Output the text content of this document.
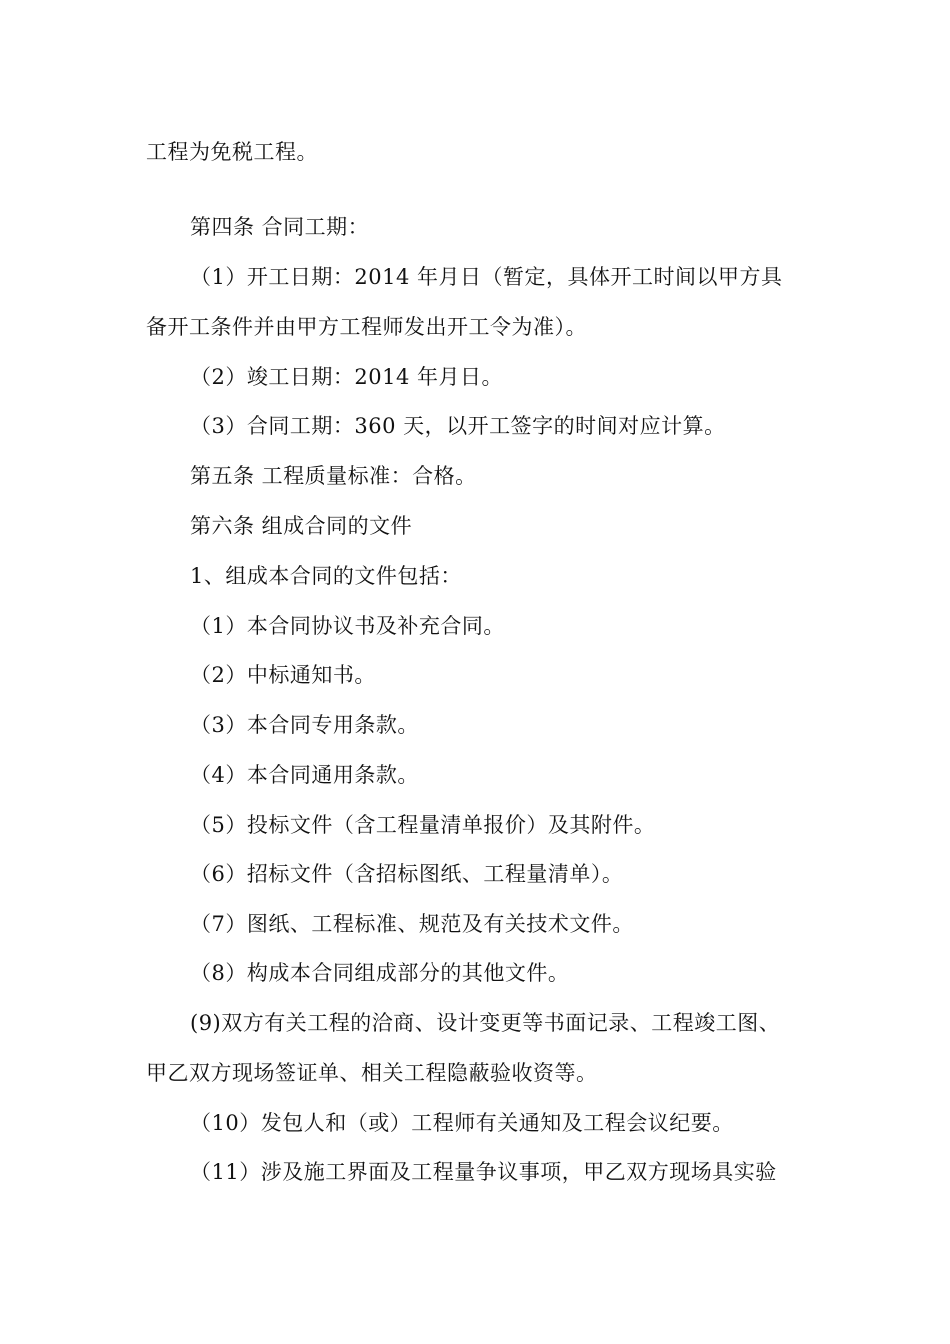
工程为免税工程。
第四条 合同工期：
（1）开工日期：2014 年月日（暂定，具体开工时间以甲方具
备开工条件并由甲方工程师发出开工令为准）。
（2）竣工日期：2014 年月日。
（3）合同工期：360 天，以开工签字的时间对应计算。
第五条 工程质量标准：合格。
第六条 组成合同的文件
1、组成本合同的文件包括：
（1）本合同协议书及补充合同。
（2）中标通知书。
（3）本合同专用条款。
（4）本合同通用条款。
（5）投标文件（含工程量清单报价）及其附件。
（6）招标文件（含招标图纸、工程量清单）。
（7）图纸、工程标准、规范及有关技术文件。
（8）构成本合同组成部分的其他文件。
(9)双方有关工程的洽商、设计变更等书面记录、工程竣工图、
甲乙双方现场签证单、相关工程隐蔽验收资等。
（10）发包人和（或）工程师有关通知及工程会议纪要。
（11）涉及施工界面及工程量争议事项，甲乙双方现场具实验
